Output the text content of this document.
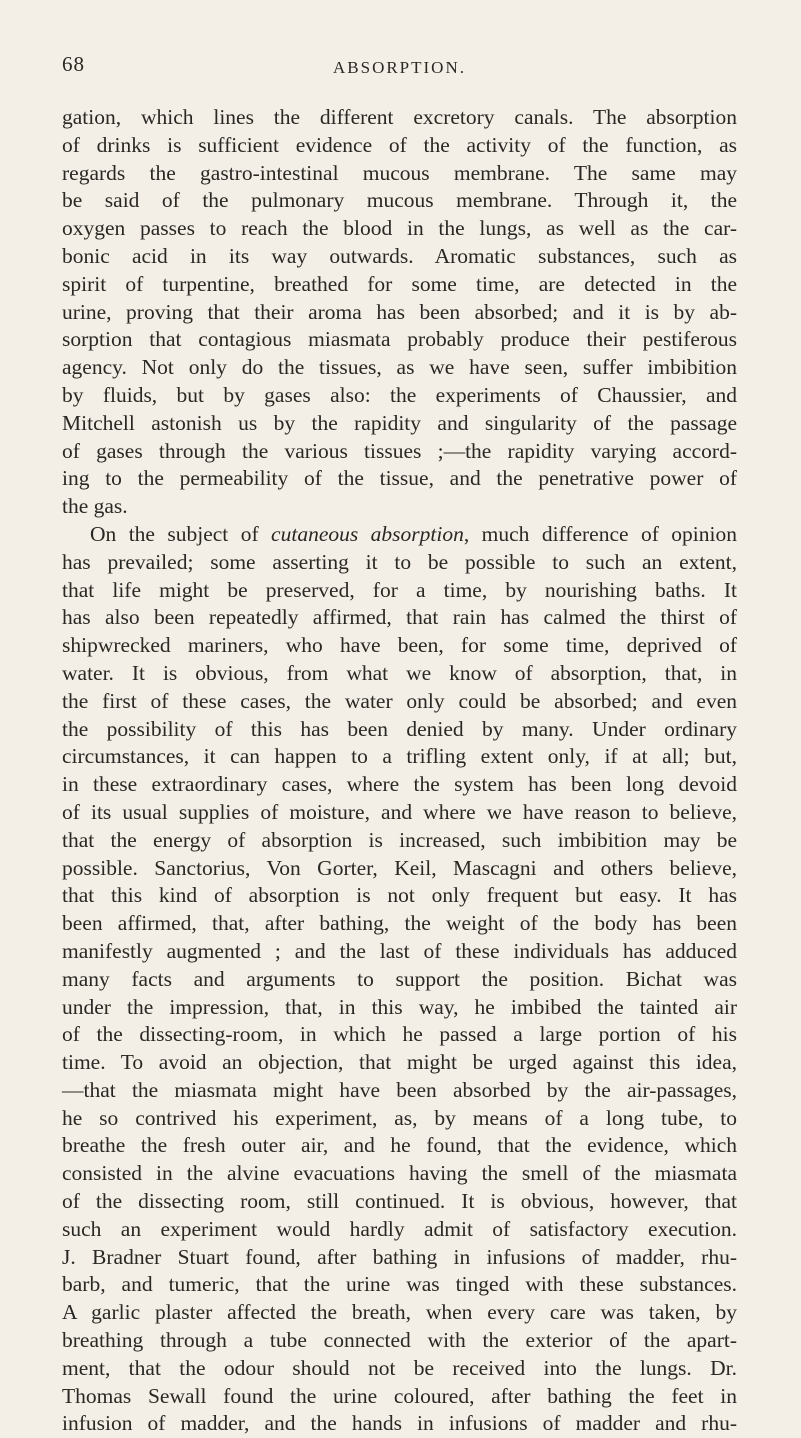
68	ABSORPTION.
gation, which lines the different excretory canals. The absorption
of drinks is sufficient evidence of the activity of the function, as
regards the gastro-intestinal mucous membrane. The same may
be said of the pulmonary mucous membrane. Through it, the
oxygen passes to reach the blood in the lungs, as well as the car-
bonic acid in its way outwards. Aromatic substances, such as
spirit of turpentine, breathed for some time, are detected in the
urine, proving that their aroma has been absorbed; and it is by ab-
sorption that contagious miasmata probably produce their pestiferous
agency. Not only do the tissues, as we have seen, suffer imbibition
by fluids, but by gases also: the experiments of Chaussier, and
Mitchell astonish us by the rapidity and singularity of the passage
of gases through the various tissues ;—the rapidity varying accord-
ing to the permeability of the tissue, and the penetrative power of
the gas.
On the subject of cutaneous absorption, much difference of opinion
has prevailed; some asserting it to be possible to such an extent,
that life might be preserved, for a time, by nourishing baths. It
has also been repeatedly affirmed, that rain has calmed the thirst of
shipwrecked mariners, who have been, for some time, deprived of
water. It is obvious, from what we know of absorption, that, in
the first of these cases, the water only could be absorbed; and even
the possibility of this has been denied by many. Under ordinary
circumstances, it can happen to a trifling extent only, if at all; but,
in these extraordinary cases, where the system has been long devoid
of its usual supplies of moisture, and where we have reason to believe,
that the energy of absorption is increased, such imbibition may be
possible. Sanctorius, Von Gorter, Keil, Mascagni and others believe,
that this kind of absorption is not only frequent but easy. It has
been affirmed, that, after bathing, the weight of the body has been
manifestly augmented ; and the last of these individuals has adduced
many facts and arguments to support the position. Bichat was
under the impression, that, in this way, he imbibed the tainted air
of the dissecting-room, in which he passed a large portion of his
time. To avoid an objection, that might be urged against this idea,
—that the miasmata might have been absorbed by the air-passages,
he so contrived his experiment, as, by means of a long tube, to
breathe the fresh outer air, and he found, that the evidence, which
consisted in the alvine evacuations having the smell of the miasmata
of the dissecting room, still continued. It is obvious, however, that
such an experiment would hardly admit of satisfactory execution.
J. Bradner Stuart found, after bathing in infusions of madder, rhu-
barb, and tumeric, that the urine was tinged with these substances.
A garlic plaster affected the breath, when every care was taken, by
breathing through a tube connected with the exterior of the apart-
ment, that the odour should not be received into the lungs. Dr.
Thomas Sewall found the urine coloured, after bathing the feet in
infusion of madder, and the hands in infusions of madder and rhu-
